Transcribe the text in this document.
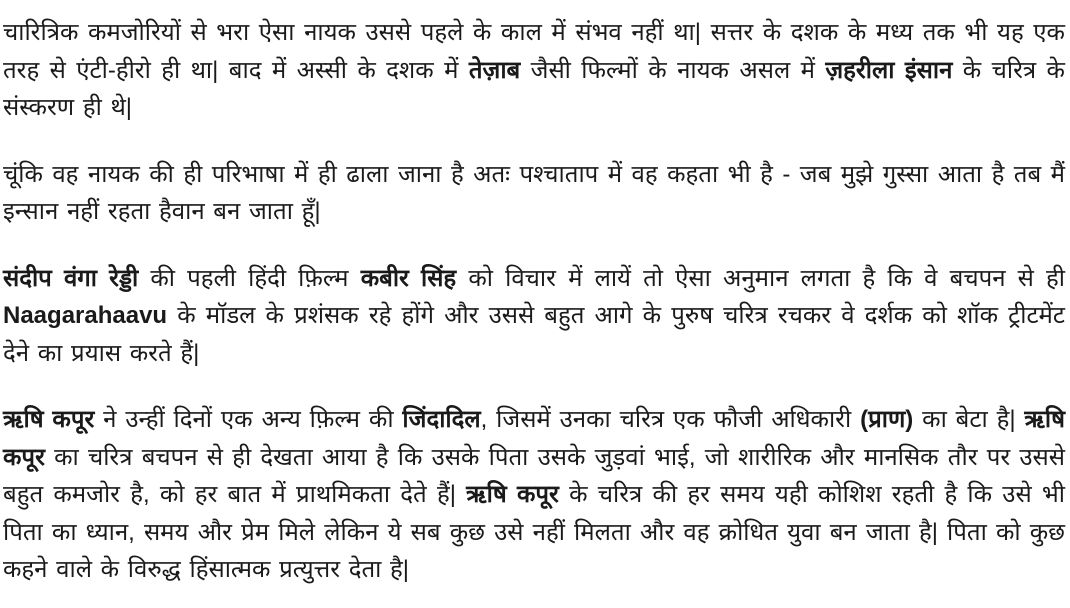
चारित्रिक कमजोरियों से भरा ऐसा नायक उससे पहले के काल में संभव नहीं था| सत्तर के दशक के मध्य तक भी यह एक तरह से एंटी-हीरो ही था| बाद में अस्सी के दशक में तेज़ाब जैसी फिल्मों के नायक असल में ज़हरीला इंसान के चरित्र के संस्करण ही थे|

चूंकि वह नायक की ही परिभाषा में ही ढाला जाना है अतः पश्चाताप में वह कहता भी है - जब मुझे गुस्सा आता है तब मैं इन्सान नहीं रहता हैवान बन जाता हूँ|

संदीप वंगा रेड्डी की पहली हिंदी फ़िल्म कबीर सिंह को विचार में लायें तो ऐसा अनुमान लगता है कि वे बचपन से ही Naagarahaavu के मॉडल के प्रशंसक रहे होंगे और उससे बहुत आगे के पुरुष चरित्र रचकर वे दर्शक को शॉक ट्रीटमेंट देने का प्रयास करते हैं|

ऋषि कपूर ने उन्हीं दिनों एक अन्य फ़िल्म की जिंदादिल, जिसमें उनका चरित्र एक फौजी अधिकारी (प्राण) का बेटा है| ऋषि कपूर का चरित्र बचपन से ही देखता आया है कि उसके पिता उसके जुड़वां भाई, जो शारीरिक और मानसिक तौर पर उससे बहुत कमजोर है, को हर बात में प्राथमिकता देते हैं| ऋषि कपूर के चरित्र की हर समय यही कोशिश रहती है कि उसे भी पिता का ध्यान, समय और प्रेम मिले लेकिन ये सब कुछ उसे नहीं मिलता और वह क्रोधित युवा बन जाता है| पिता को कुछ कहने वाले के विरुद्ध हिंसात्मक प्रत्युत्तर देता है|
